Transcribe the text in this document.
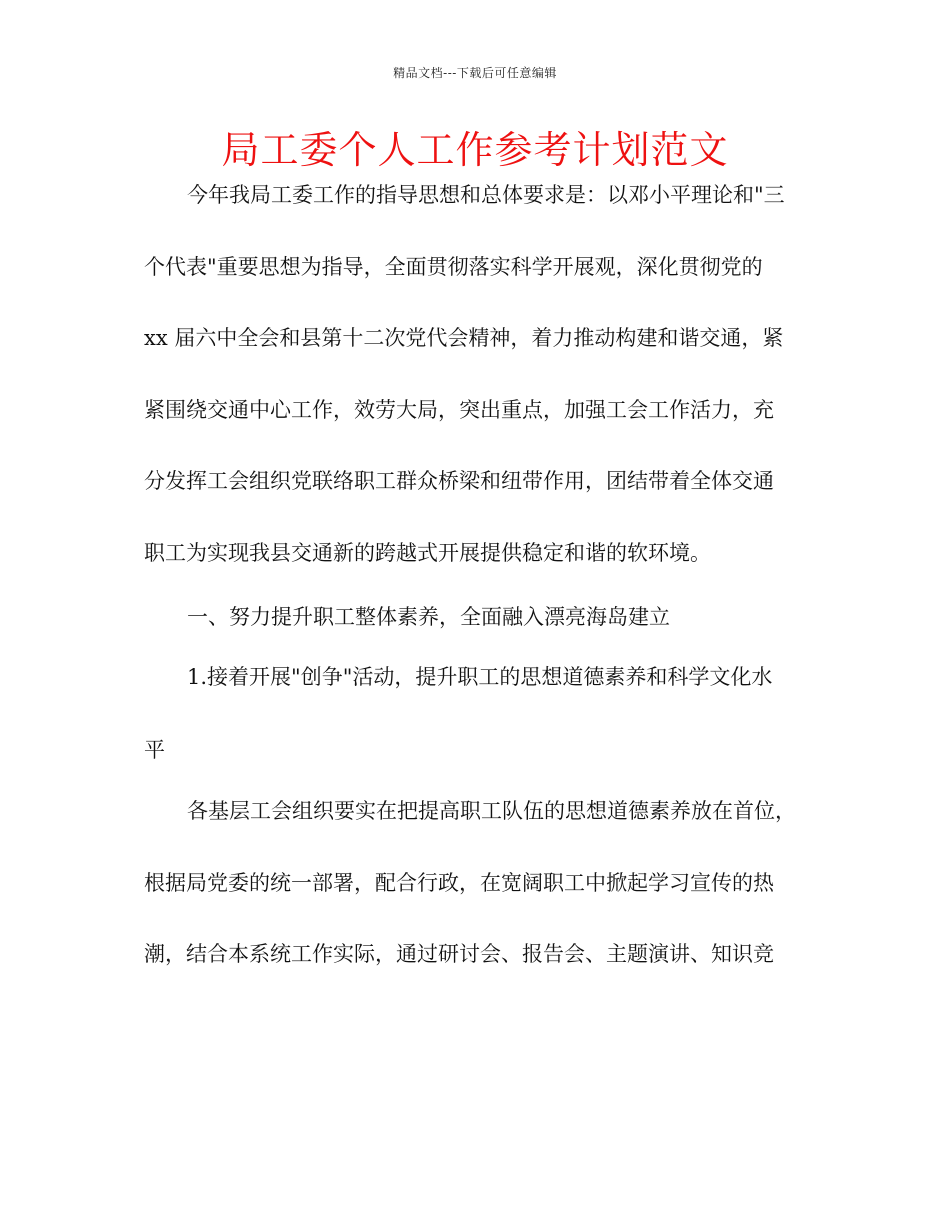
精品文档---下载后可任意编辑
局工委个人工作参考计划范文
今年我局工委工作的指导思想和总体要求是：以邓小平理论和"三
个代表"重要思想为指导，全面贯彻落实科学开展观，深化贯彻党的
xx 届六中全会和县第十二次党代会精神，着力推动构建和谐交通，紧
紧围绕交通中心工作，效劳大局，突出重点，加强工会工作活力，充
分发挥工会组织党联络职工群众桥梁和纽带作用，团结带着全体交通
职工为实现我县交通新的跨越式开展提供稳定和谐的软环境。
一、努力提升职工整体素养，全面融入漂亮海岛建立
1.接着开展"创争"活动，提升职工的思想道德素养和科学文化水
平
各基层工会组织要实在把提高职工队伍的思想道德素养放在首位，
根据局党委的统一部署，配合行政，在宽阔职工中掀起学习宣传的热
潮，结合本系统工作实际，通过研讨会、报告会、主题演讲、知识竞
